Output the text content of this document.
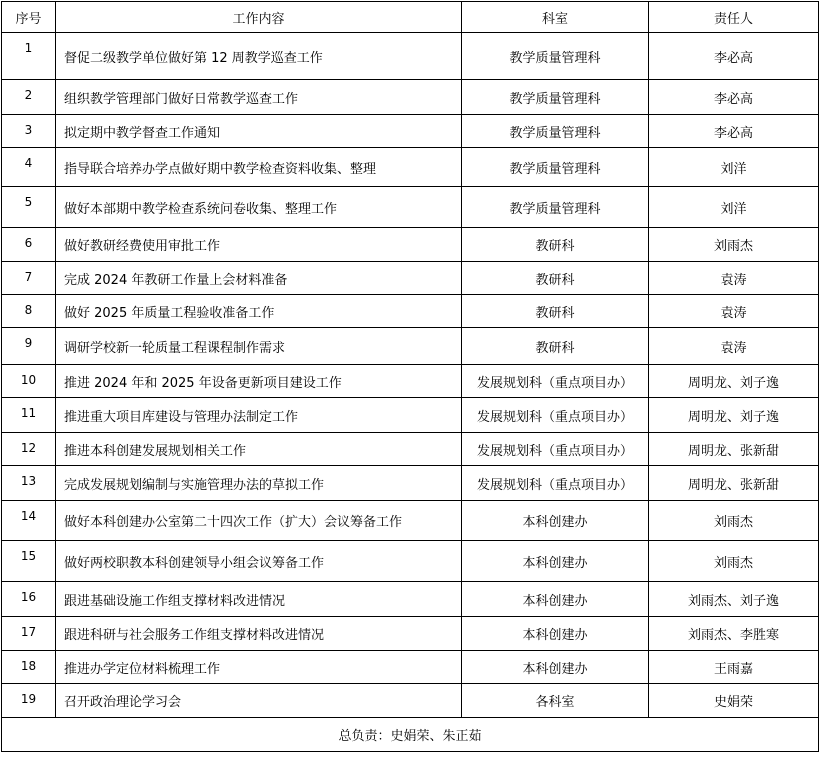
序号	工作内容	科室	责任人
1	督促二级教学单位做好第 12 周教学巡查工作	教学质量管理科	李必高
2	组织教学管理部门做好日常教学巡查工作	教学质量管理科	李必高
3	拟定期中教学督查工作通知	教学质量管理科	李必高
4	指导联合培养办学点做好期中教学检查资料收集、整理	教学质量管理科	刘洋
5	做好本部期中教学检查系统问卷收集、整理工作	教学质量管理科	刘洋
6	做好教研经费使用审批工作	教研科	刘雨杰
7	完成 2024 年教研工作量上会材料准备	教研科	袁涛
8	做好 2025 年质量工程验收准备工作	教研科	袁涛
9	调研学校新一轮质量工程课程制作需求	教研科	袁涛
10	推进 2024 年和 2025 年设备更新项目建设工作	发展规划科（重点项目办）	周明龙、刘子逸
11	推进重大项目库建设与管理办法制定工作	发展规划科（重点项目办）	周明龙、刘子逸
12	推进本科创建发展规划相关工作	发展规划科（重点项目办）	周明龙、张新甜
13	完成发展规划编制与实施管理办法的草拟工作	发展规划科（重点项目办）	周明龙、张新甜
14	做好本科创建办公室第二十四次工作（扩大）会议筹备工作	本科创建办	刘雨杰
15	做好两校职教本科创建领导小组会议筹备工作	本科创建办	刘雨杰
16	跟进基础设施工作组支撑材料改进情况	本科创建办	刘雨杰、刘子逸
17	跟进科研与社会服务工作组支撑材料改进情况	本科创建办	刘雨杰、李胜寒
18	推进办学定位材料梳理工作	本科创建办	王雨嘉
19	召开政治理论学习会	各科室	史娟荣
总负责：史娟荣、朱正茹			
